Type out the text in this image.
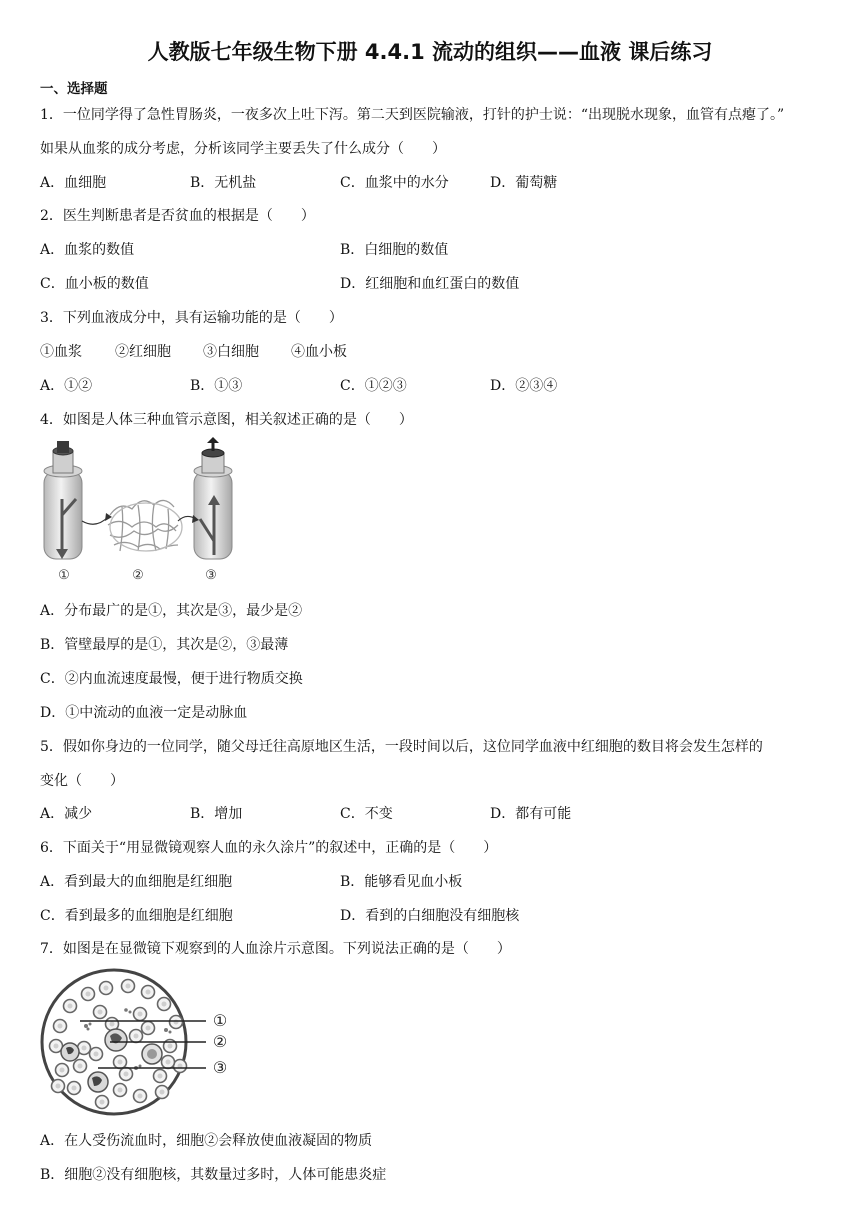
人教版七年级生物下册 4.4.1 流动的组织——血液 课后练习
一、选择题
1．一位同学得了急性胃肠炎，一夜多次上吐下泻。第二天到医院输液，打针的护士说：“出现脱水现象，血管有点瘪了。”
如果从血浆的成分考虑，分析该同学主要丢失了什么成分（　　）
A．血细胞	B．无机盐	C．血浆中的水分	D．葡萄糖
2．医生判断患者是否贫血的根据是（　　）
A．血浆的数值	B．白细胞的数值
C．血小板的数值	D．红细胞和血红蛋白的数值
3．下列血液成分中，具有运输功能的是（　　）
①血浆 ②红细胞 ③白细胞 ④血小板
A．①②	B．①③	C．①②③	D．②③④
4．如图是人体三种血管示意图，相关叙述正确的是（　　）
①	②	③
A．分布最广的是①，其次是③，最少是②
B．管壁最厚的是①，其次是②，③最薄
C．②内血流速度最慢，便于进行物质交换
D．①中流动的血液一定是动脉血
5．假如你身边的一位同学，随父母迁往高原地区生活，一段时间以后，这位同学血液中红细胞的数目将会发生怎样的
变化（　　）
A．减少	B．增加	C．不变	D．都有可能
6．下面关于“用显微镜观察人血的永久涂片”的叙述中，正确的是（　　）
A．看到最大的血细胞是红细胞	B．能够看见血小板
C．看到最多的血细胞是红细胞	D．看到的白细胞没有细胞核
7．如图是在显微镜下观察到的人血涂片示意图。下列说法正确的是（　　）
①
②
③
A．在人受伤流血时，细胞②会释放使血液凝固的物质
B．细胞②没有细胞核，其数量过多时，人体可能患炎症
